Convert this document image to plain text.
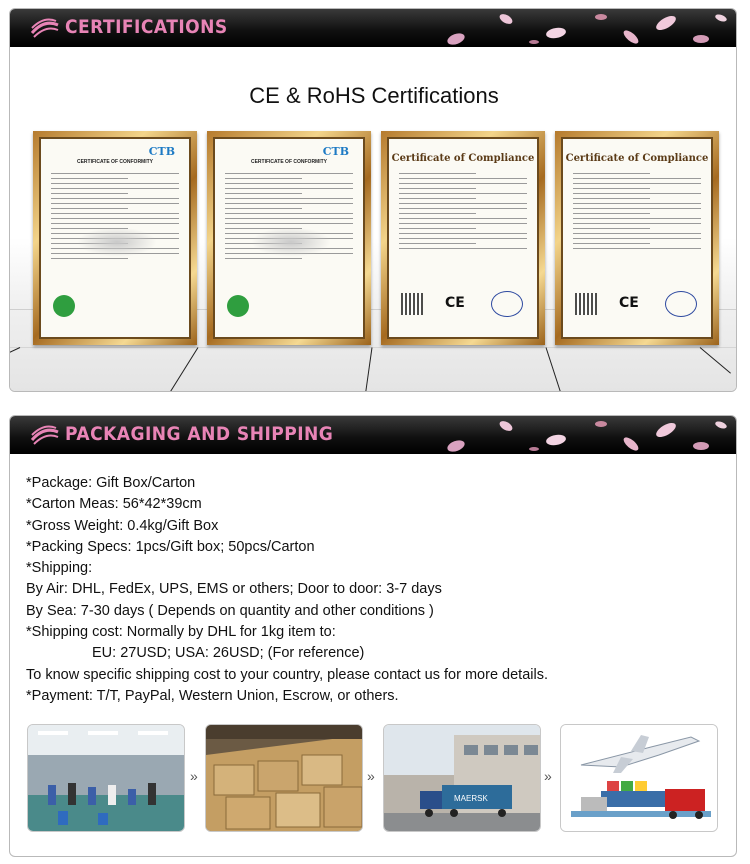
CERTIFICATIONS
CE & RoHS Certifications
CTB
CERTIFICATE OF CONFORMITY
CTB
CERTIFICATE OF CONFORMITY	Certificate of Compliance
C​E
Certificate of Compliance
C​E
PACKAGING AND SHIPPING
*Package: Gift Box/Carton
*Carton Meas: 56*42*39cm
*Gross Weight: 0.4kg/Gift Box
*Packing Specs: 1pcs/Gift box; 50pcs/Carton
*Shipping:
By Air: DHL, FedEx, UPS, EMS or others; Door to door: 3-7 days
By Sea: 7-30 days ( Depends on quantity and other conditions )
*Shipping cost: Normally by DHL for 1kg item to:
EU: 27USD; USA: 26USD; (For reference)
To know specific shipping cost to your country, please contact us for more details.
*Payment: T/T, PayPal, Western Union, Escrow, or others.
»	»
MAERSK
»
